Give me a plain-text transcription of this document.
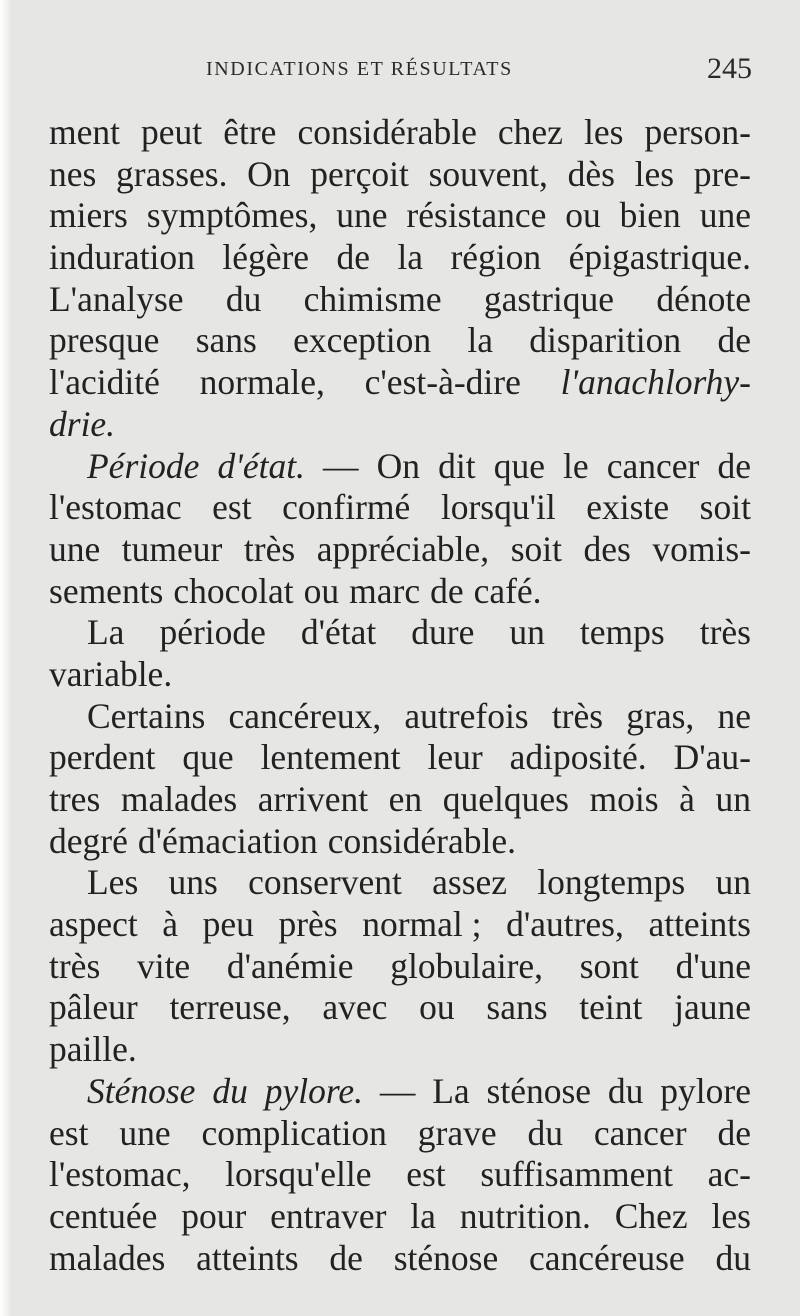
INDICATIONS ET RÉSULTATS	245
ment peut être considérable chez les person-
nes grasses. On perçoit souvent, dès les pre-
miers symptômes, une résistance ou bien une
induration légère de la région épigastrique.
L'analyse du chimisme gastrique dénote
presque sans exception la disparition de
l'acidité normale, c'est-à-dire l'anachlorhy-
drie.
Période d'état. — On dit que le cancer de
l'estomac est confirmé lorsqu'il existe soit
une tumeur très appréciable, soit des vomis-
sements chocolat ou marc de café.
La période d'état dure un temps très
variable.
Certains cancéreux, autrefois très gras, ne
perdent que lentement leur adiposité. D'au-
tres malades arrivent en quelques mois à un
degré d'émaciation considérable.
Les uns conservent assez longtemps un
aspect à peu près normal ; d'autres, atteints
très vite d'anémie globulaire, sont d'une
pâleur terreuse, avec ou sans teint jaune
paille.
Sténose du pylore. — La sténose du pylore
est une complication grave du cancer de
l'estomac, lorsqu'elle est suffisamment ac-
centuée pour entraver la nutrition. Chez les
malades atteints de sténose cancéreuse du
